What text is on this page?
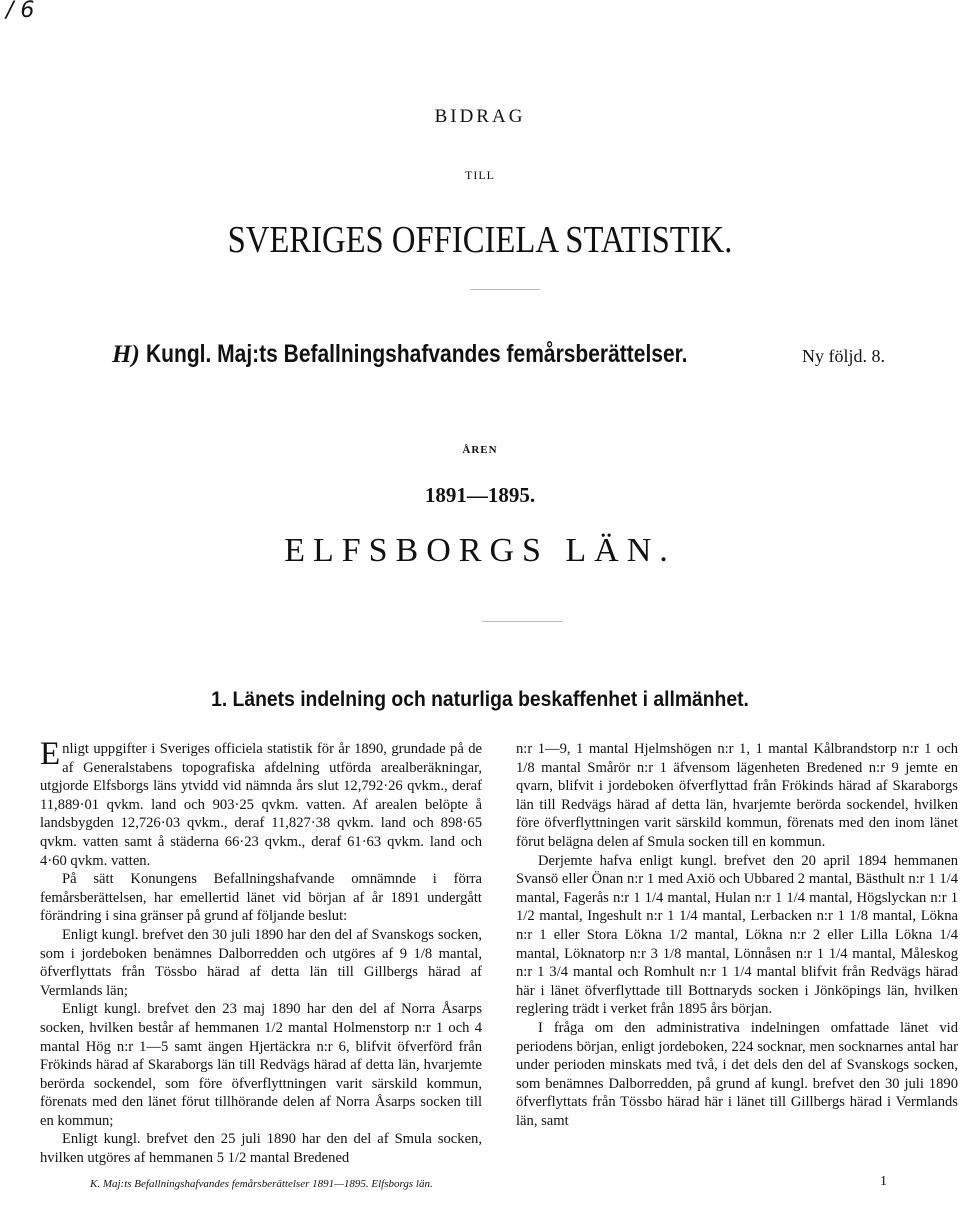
/ 6
BIDRAG
TILL
SVERIGES OFFICIELA STATISTIK.
H) Kungl. Maj:ts Befallningshafvandes femårsberättelser.	Ny följd. 8.
ÅREN
1891—1895.
ELFSBORGS LÄN.
1. Länets indelning och naturliga beskaffenhet i allmänhet.

Enligt uppgifter i Sveriges officiela statistik för år 1890, grundade på de af Generalstabens topografiska afdelning utförda arealberäkningar, utgjorde Elfsborgs läns ytvidd vid nämnda års slut 12,792·26 qvkm., deraf 11,889·01 qvkm. land och 903·25 qvkm. vatten. Af arealen belöpte å landsbygden 12,726·03 qvkm., deraf 11,827·38 qvkm. land och 898·65 qvkm. vatten samt å städerna 66·23 qvkm., deraf 61·63 qvkm. land och 4·60 qvkm. vatten.

På sätt Konungens Befallningshafvande omnämnde i förra femårsberättelsen, har emellertid länet vid början af år 1891 undergått förändring i sina gränser på grund af följande beslut:

Enligt kungl. brefvet den 30 juli 1890 har den del af Svanskogs socken, som i jordeboken benämnes Dalborredden och utgöres af 9 1/8 mantal, öfverflyttats från Tössbo härad af detta län till Gillbergs härad af Vermlands län;

Enligt kungl. brefvet den 23 maj 1890 har den del af Norra Åsarps socken, hvilken består af hemmanen 1/2 mantal Holmenstorp n:r 1 och 4 mantal Hög n:r 1—5 samt ängen Hjertäckra n:r 6, blifvit öfverförd från Frökinds härad af Skaraborgs län till Redvägs härad af detta län, hvarjemte berörda sockendel, som före öfverflyttningen varit särskild kommun, förenats med den länet förut tillhörande delen af Norra Åsarps socken till en kommun;

Enligt kungl. brefvet den 25 juli 1890 har den del af Smula socken, hvilken utgöres af hemmanen 5 1/2 mantal Bredened

n:r 1—9, 1 mantal Hjelmshögen n:r 1, 1 mantal Kålbrandstorp n:r 1 och 1/8 mantal Smårör n:r 1 äfvensom lägenheten Bredened n:r 9 jemte en qvarn, blifvit i jordeboken öfverflyttad från Frökinds härad af Skaraborgs län till Redvägs härad af detta län, hvarjemte berörda sockendel, hvilken före öfverflyttningen varit särskild kommun, förenats med den inom länet förut belägna delen af Smula socken till en kommun.

Derjemte hafva enligt kungl. brefvet den 20 april 1894 hemmanen Svansö eller Önan n:r 1 med Axiö och Ubbared 2 mantal, Bästhult n:r 1 1/4 mantal, Fagerås n:r 1 1/4 mantal, Hulan n:r 1 1/4 mantal, Högslyckan n:r 1 1/2 mantal, Ingeshult n:r 1 1/4 mantal, Lerbacken n:r 1 1/8 mantal, Lökna n:r 1 eller Stora Lökna 1/2 mantal, Lökna n:r 2 eller Lilla Lökna 1/4 mantal, Löknatorp n:r 3 1/8 mantal, Lönnåsen n:r 1 1/4 mantal, Måleskog n:r 1 3/4 mantal och Romhult n:r 1 1/4 mantal blifvit från Redvägs härad här i länet öfverflyttade till Bottnaryds socken i Jönköpings län, hvilken reglering trädt i verket från 1895 års början.

I fråga om den administrativa indelningen omfattade länet vid periodens början, enligt jordeboken, 224 socknar, men socknarnes antal har under perioden minskats med två, i det dels den del af Svanskogs socken, som benämnes Dalborredden, på grund af kungl. brefvet den 30 juli 1890 öfverflyttats från Tössbo härad här i länet till Gillbergs härad i Vermlands län, samt

K. Maj:ts Befallningshafvandes femårsberättelser 1891—1895. Elfsborgs län.	1
